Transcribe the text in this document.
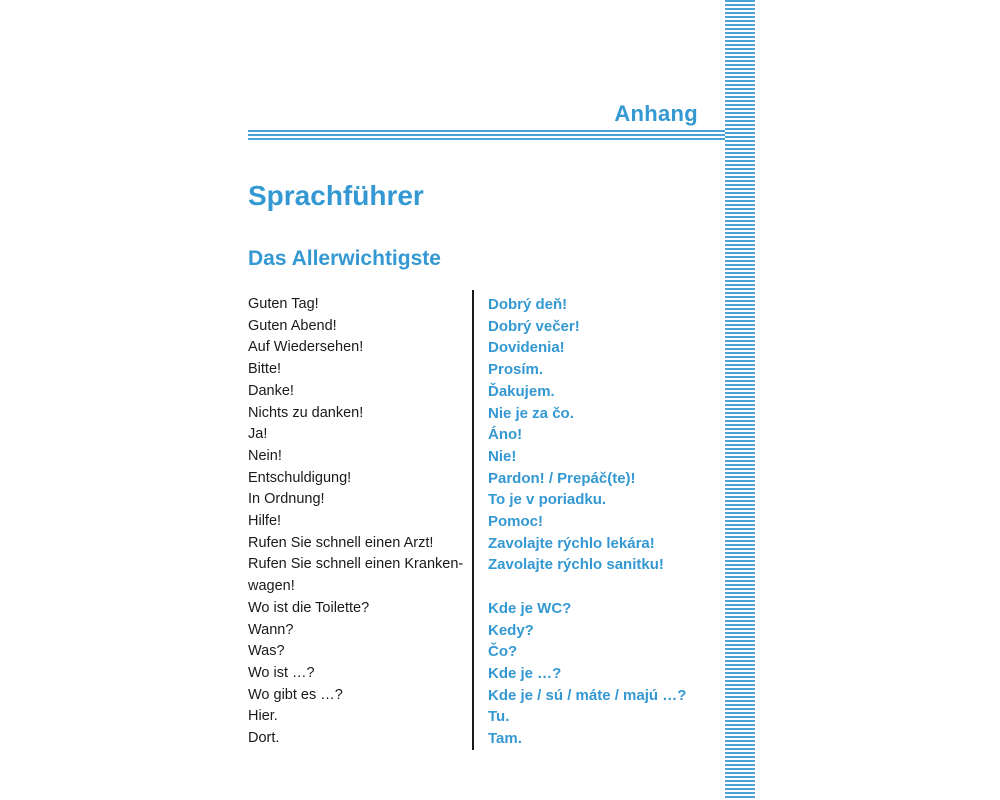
Anhang
Sprachführer
Das Allerwichtigste
Guten Tag!	Dobrý deň!
Guten Abend!	Dobrý večer!
Auf Wiedersehen!	Dovidenia!
Bitte!	Prosím.
Danke!	Ďakujem.
Nichts zu danken!	Nie je za čo.
Ja!	Áno!
Nein!	Nie!
Entschuldigung!	Pardon! / Prepáč(te)!
In Ordnung!	To je v poriadku.
Hilfe!	Pomoc!
Rufen Sie schnell einen Arzt!	Zavolajte rýchlo lekára!
Rufen Sie schnell einen Kranken-	Zavolajte rýchlo sanitku!
wagen!
Wo ist die Toilette?	Kde je WC?
Wann?	Kedy?
Was?	Čo?
Wo ist …?	Kde je …?
Wo gibt es …?	Kde je / sú / máte / majú …?
Hier.	Tu.
Dort.	Tam.
